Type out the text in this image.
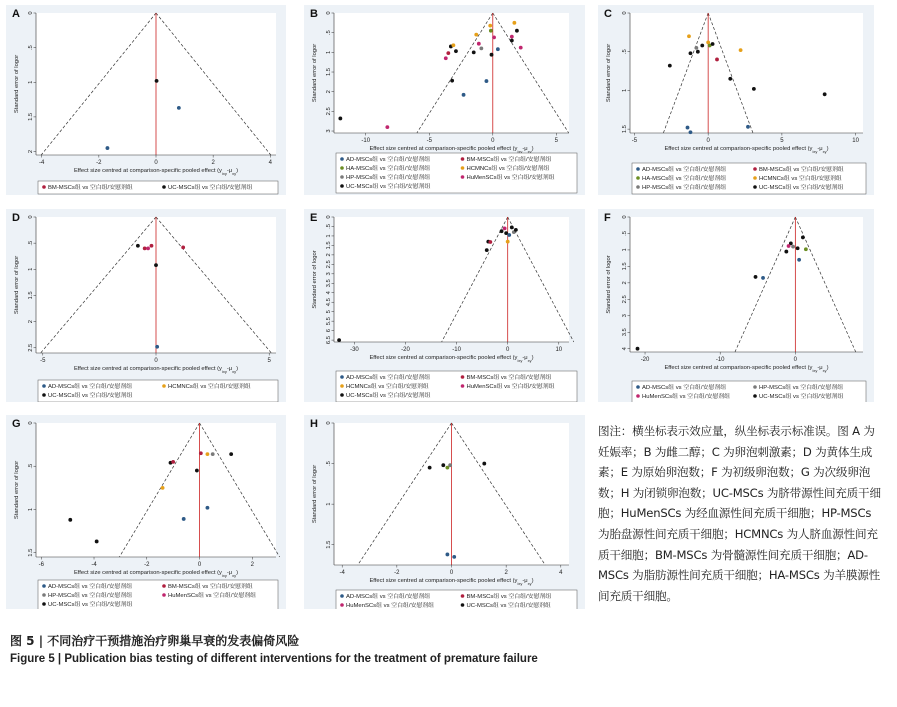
0
.5
1
1.5
2
-4	-2	0	2	4
Standard error of logor
Effect size centred at comparison-specific pooled effect $(y_{ixy}-\mu_{xy})$
A
BM-MSCs组 vs 空白组/安慰剂组	UC-MSCs组 vs 空白组/安慰剂组
0
.5
1
1.5
2
2.5
3
-10	-5	0	5
Standard error of logor
Effect size centred at comparison-specific pooled effect $(y_{ixy}-\mu_{xy})$
B
AD-MSCs组 vs 空白组/安慰剂组	BM-MSCs组 vs 空白组/安慰剂组
HA-MSCs组 vs 空白组/安慰剂组	HCMNCs组 vs 空白组/安慰剂组
HP-MSCs组 vs 空白组/安慰剂组	HuMenSCs组 vs 空白组/安慰剂组
UC-MSCs组 vs 空白组/安慰剂组
0
.5
1
1.5
-5	0	5	10
Standard error of logor
Effect size centred at comparison-specific pooled effect $(y_{ixy}-\mu_{xy})$
C
AD-MSCs组 vs 空白组/安慰剂组	BM-MSCs组 vs 空白组/安慰剂组
HA-MSCs组 vs 空白组/安慰剂组	HCMNCs组 vs 空白组/安慰剂组
HP-MSCs组 vs 空白组/安慰剂组	UC-MSCs组 vs 空白组/安慰剂组
0
.5
1
1.5
2
2.5
-5	0	5
Standard error of logor
Effect size centred at comparison-specific pooled effect $(y_{ixy}-\mu_{xy})$
D
AD-MSCs组 vs 空白组/安慰剂组	HCMNCs组 vs 空白组/安慰剂组
UC-MSCs组 vs 空白组/安慰剂组
0
.5
1
1.5
2
2.5
3
3.5
4
4.5
5
5.5
6
6.5
-30	-20	-10	0	10
Standard error of logor
Effect size centred at comparison-specific pooled effect $(y_{ixy}-\mu_{xy})$
E
AD-MSCs组 vs 空白组/安慰剂组	BM-MSCs组 vs 空白组/安慰剂组
HCMNCs组 vs 空白组/安慰剂组	HuMenSCs组 vs 空白组/安慰剂组
UC-MSCs组 vs 空白组/安慰剂组
0
.5
1
1.5
2
2.5
3
3.5
4
-20	-10	0
Standard error of logor
Effect size centred at comparison-specific pooled effect $(y_{ixy}-\mu_{xy})$
F
AD-MSCs组 vs 空白组/安慰剂组	HP-MSCs组 vs 空白组/安慰剂组
HuMenSCs组 vs 空白组/安慰剂组	UC-MSCs组 vs 空白组/安慰剂组
0
.5
1
1.5
-6	-4	-2	0	2
Standard error of logor
Effect size centred at comparison-specific pooled effect $(y_{ixy}-\mu_{xy})$
G
AD-MSCs组 vs 空白组/安慰剂组	BM-MSCs组 vs 空白组/安慰剂组
HP-MSCs组 vs 空白组/安慰剂组	HuMenSCs组 vs 空白组/安慰剂组
UC-MSCs组 vs 空白组/安慰剂组
0
.5
1
1.5
-4	-2	0	2	4
Standard error of logor
Effect size centred at comparison-specific pooled effect $(y_{ixy}-\mu_{xy})$
H
AD-MSCs组 vs 空白组/安慰剂组	BM-MSCs组 vs 空白组/安慰剂组
HuMenSCs组 vs 空白组/安慰剂组	UC-MSCs组 vs 空白组/安慰剂组
图注：横坐标表示效应量，纵坐标表示标准误。图 A 为妊娠率；B 为雌二醇；C 为卵泡刺激素；D 为黄体生成素；E 为原始卵泡数；F 为初级卵泡数；G 为次级卵泡数；H 为闭锁卵泡数；UC-MSCs 为脐带源性间充质干细胞；HuMenSCs 为经血源性间充质干细胞；HP-MSCs 为胎盘源性间充质干细胞；HCMNCs 为人脐血源性间充质干细胞；BM-MSCs 为骨髓源性间充质干细胞；AD-MSCs 为脂肪源性间充质干细胞；HA-MSCs 为羊膜源性间充质干细胞。
图 5 | 不同治疗干预措施治疗卵巢早衰的发表偏倚风险
Figure 5 | Publication bias testing of different interventions for the treatment of premature failure
